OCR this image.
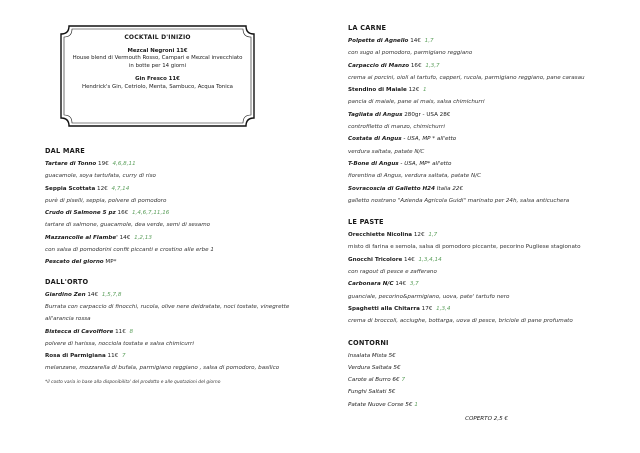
COCKTAIL D'INIZIO
Mezcal Negroni 11€
House blend di Vermouth Rosso, Campari e Mezcal invecchiato
in botte per 14 giorni
Gin Fresco 11€
Hendrick's Gin, Cetriolo, Menta, Sambuco, Acqua Tonica
DAL MARE
Tartare di Tonno 19€ 4,6,8,11
guacamole, soya tartufata, curry di riso
Seppia Scottata 12€ 4,7,14
purè di piselli, seppia, polvere di pomodoro
Crudo di Salmone 5 pz 16€ 1,4,6,7,11,16
tartare di salmone, guacamole, dea verde, semi di sesamo
Mazzancolle al Flambe' 14€ 1,2,13
con salsa di pomodorini confit piccanti e crostino alle erbe 1
Pescato del giorno MP*
DALL'ORTO
Giardino Zen 14€ 1,5,7,8
Burrata con carpaccio di finocchi, rucola, olive nere deidratate, noci tostate, vinegrette all'arancia rossa
Bistecca di Cavolfiore 11€ 8
polvere di harissa, nocciola tostata e salsa chimicurri
Rosa di Parmigiana 11€ 7
melanzane, mozzarella di bufala, parmigiano reggiano , salsa di pomodoro, basilico
*il costo varia in base alla disponibilita' del prodotto e alle quotazioni del giorno
LA CARNE
Polpette di Agnello 14€ 1,7
con sugo al pomodoro, parmigiano reggiano
Carpaccio di Manzo 16€ 1,3,7
crema ai porcini, oioli al tartufo, capperi, rucola, parmigiano reggiano, pane carasau
Stendino di Maiale 12€ 1
pancia di maiale, pane al mais, salsa chimichurri
Tagliata di Angus 280gr - USA 28€
controfiletto di manzo, chimichurri
Costata di Angus - USA, MP * all'etto
verdura saltata, patate N/C
T-Bone di Angus - USA, MP* all'etto
fiorentina di Angus, verdura saltata, patate N/C
Sovracoscia di Galletto H24 Italia 22€
galletto nostrano "Azienda Agricola Guidi" marinato per 24h, salsa anticuchera
LE PASTE
Orecchiette Nicolina 12€ 1,7
misto di farina e semola, salsa di pomodoro piccante, pecorino Pugliese stagionato
Gnocchi Tricolore 14€ 1,3,4,14
con ragout di pesce e zafferano
Carbonara N/C 14€ 3,7
guanciale, pecorino&parmigiano, uova, pate' tartufo nero
Spaghetti alla Chitarra 17€ 1,3,4
crema di broccoli, acciughe, bottarga, uova di pesce, briciole di pane profumato
CONTORNI
Insalata Mista 5€
Verdura Saltata 5€
Carote al Burro 6€ 7
Funghi Saltati 5€
Patate Nuove Corse 5€ 1
COPERTO 2,5 €
